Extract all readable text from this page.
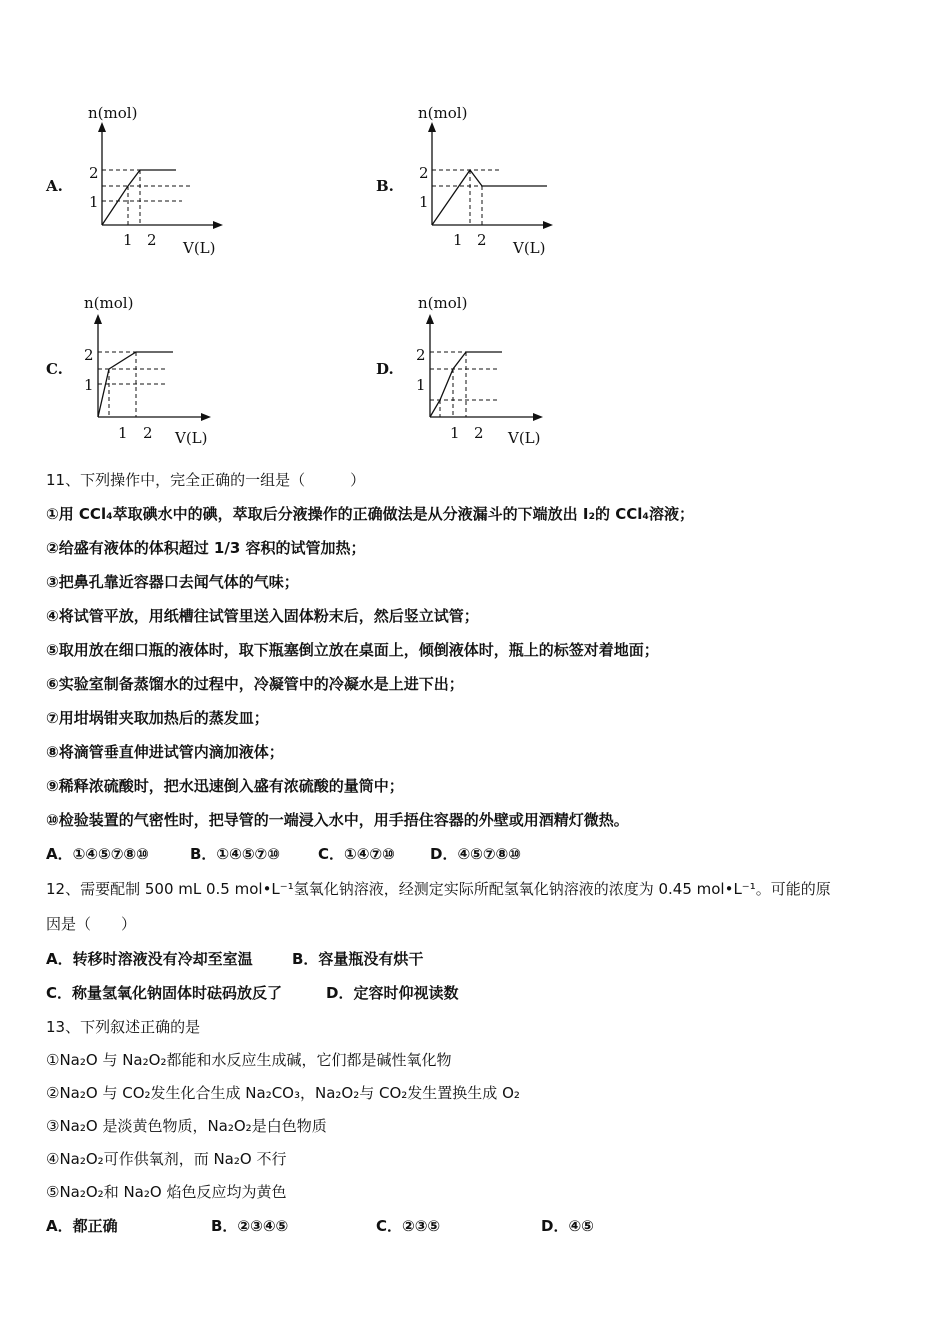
A.
n(mol)
2
1
1 2 V(L)
B.
n(mol)
2
1
1 2 V(L)
C.
n(mol)
2
1
1 2 V(L)
D.
n(mol)
2
1
1 2 V(L)
11、下列操作中，完全正确的一组是（　　　）
①用 CCl₄萃取碘水中的碘，萃取后分液操作的正确做法是从分液漏斗的下端放出 I₂的 CCl₄溶液；
②给盛有液体的体积超过 1/3 容积的试管加热；
③把鼻孔靠近容器口去闻气体的气味；
④将试管平放，用纸槽往试管里送入固体粉末后，然后竖立试管；
⑤取用放在细口瓶的液体时，取下瓶塞倒立放在桌面上，倾倒液体时，瓶上的标签对着地面；
⑥实验室制备蒸馏水的过程中，冷凝管中的冷凝水是上进下出；
⑦用坩埚钳夹取加热后的蒸发皿；
⑧将滴管垂直伸进试管内滴加液体；
⑨稀释浓硫酸时，把水迅速倒入盛有浓硫酸的量筒中；
⑩检验装置的气密性时，把导管的一端浸入水中，用手捂住容器的外壁或用酒精灯微热。
A．①④⑤⑦⑧⑩	B．①④⑤⑦⑩	C．①④⑦⑩ D．④⑤⑦⑧⑩
12、需要配制 500 mL 0.5 mol•L⁻¹氢氧化钠溶液，经测定实际所配氢氧化钠溶液的浓度为 0.45 mol•L⁻¹。可能的原
因是（　　）
A．转移时溶液没有冷却至室温	B．容量瓶没有烘干
C．称量氢氧化钠固体时砝码放反了	D．定容时仰视读数
13、下列叙述正确的是
①Na₂O 与 Na₂O₂都能和水反应生成碱，它们都是碱性氧化物
②Na₂O 与 CO₂发生化合生成 Na₂CO₃，Na₂O₂与 CO₂发生置换生成 O₂
③Na₂O 是淡黄色物质，Na₂O₂是白色物质
④Na₂O₂可作供氧剂，而 Na₂O 不行
⑤Na₂O₂和 Na₂O 焰色反应均为黄色
A．都正确	B．②③④⑤	C．②③⑤	D．④⑤
